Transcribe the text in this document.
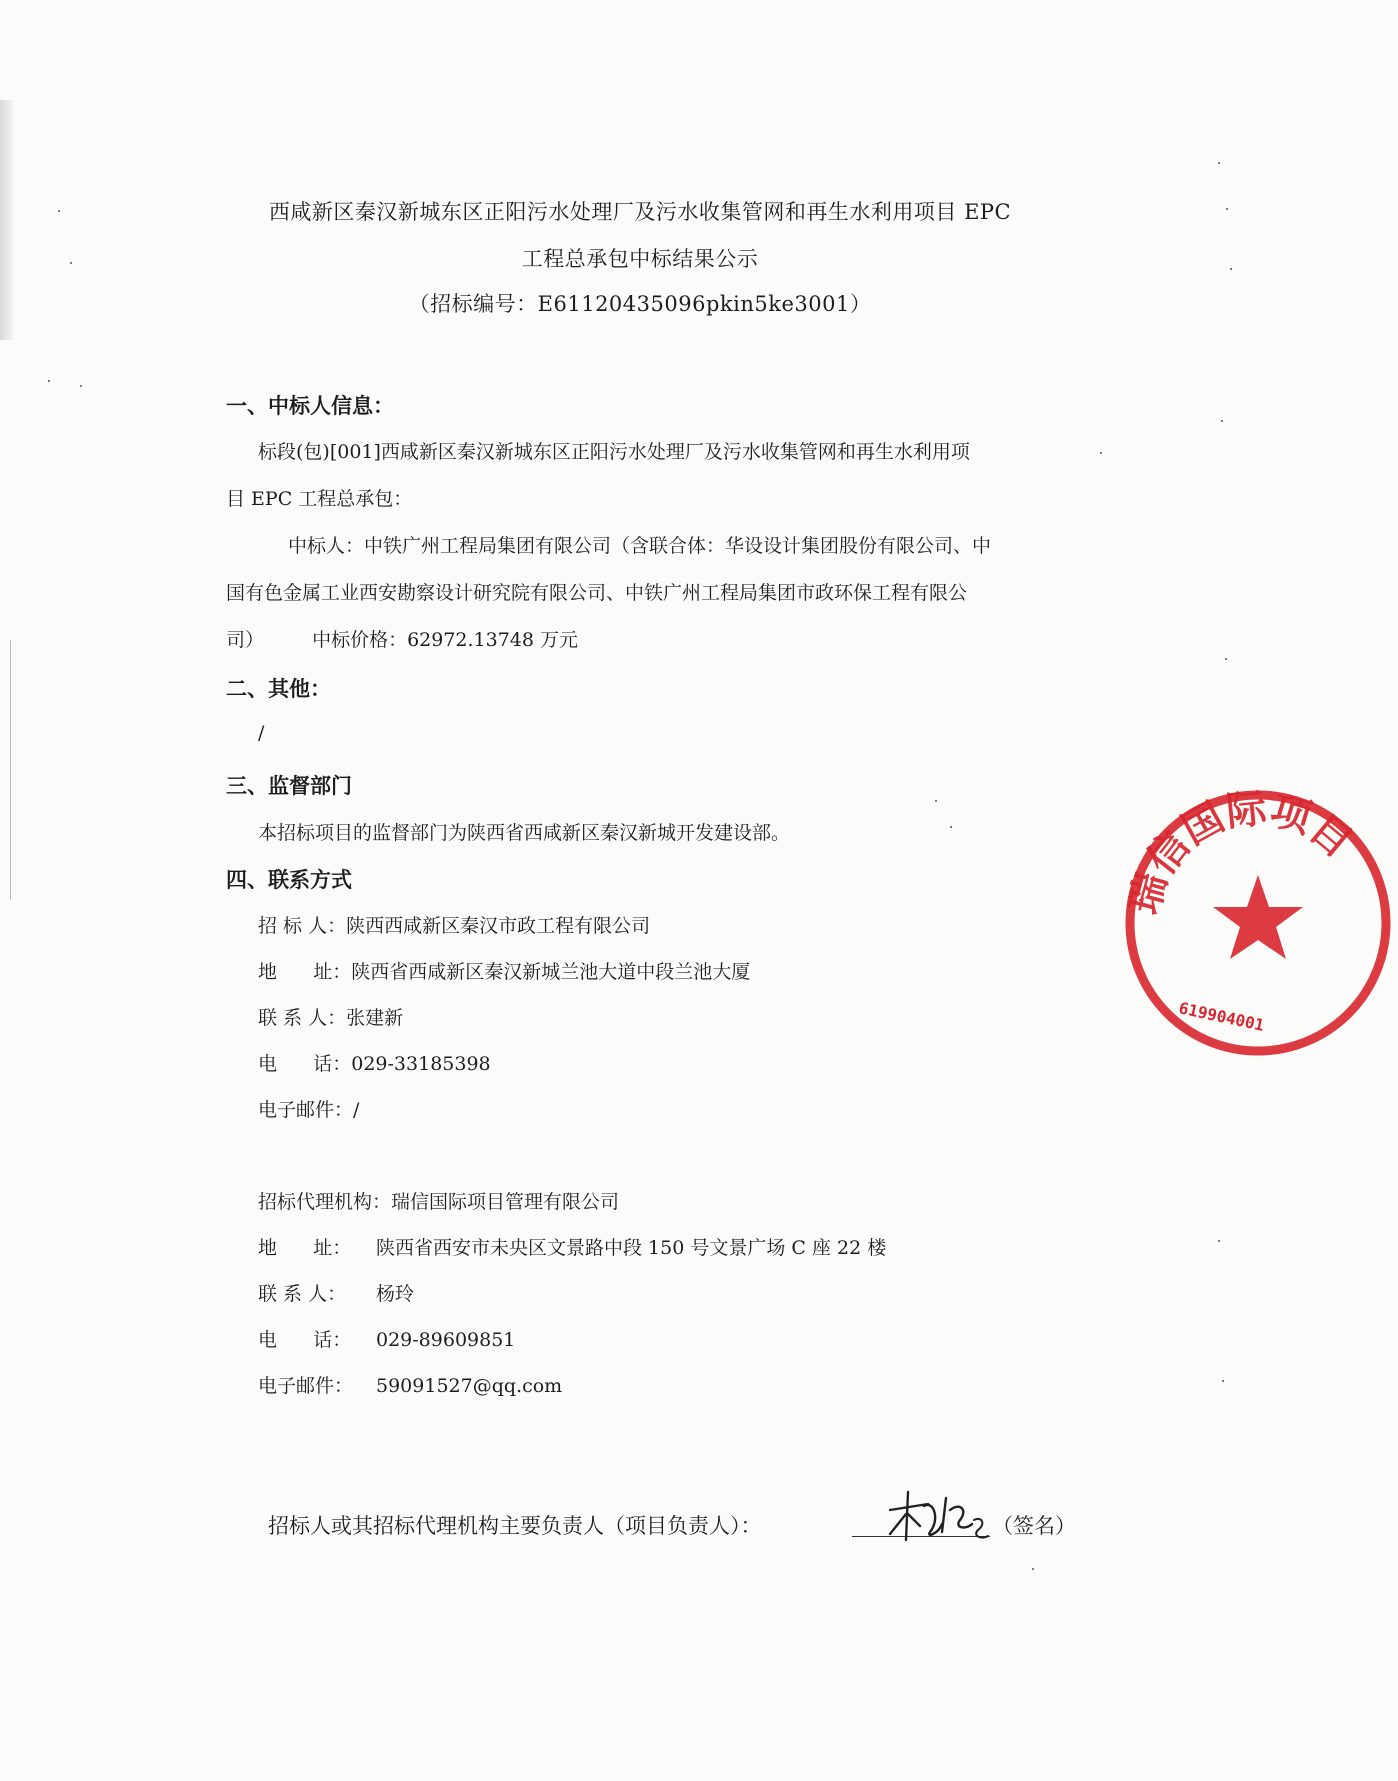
西咸新区秦汉新城东区正阳污水处理厂及污水收集管网和再生水利用项目 EPC
工程总承包中标结果公示
（招标编号：E61120435096pkin5ke3001）
一、中标人信息：
标段(包)[001]西咸新区秦汉新城东区正阳污水处理厂及污水收集管网和再生水利用项
目 EPC 工程总承包：
中标人：中铁广州工程局集团有限公司（含联合体：华设设计集团股份有限公司、中
国有色金属工业西安勘察设计研究院有限公司、中铁广州工程局集团市政环保工程有限公
司）	中标价格：62972.13748 万元
二、其他：
/
三、监督部门
本招标项目的监督部门为陕西省西咸新区秦汉新城开发建设部。
四、联系方式
招 标 人：陕西西咸新区秦汉市政工程有限公司
地      址：陕西省西咸新区秦汉新城兰池大道中段兰池大厦
联 系 人：张建新
电      话：029-33185398
电子邮件：/
招标代理机构：瑞信国际项目管理有限公司
地      址： 陕西省西安市未央区文景路中段 150 号文景广场 C 座 22 楼
联 系 人： 杨玲
电      话： 029-89609851
电子邮件： 59091527@qq.com
招标人或其招标代理机构主要负责人（项目负责人）：	（签名）
瑞信国际项目
619904001
